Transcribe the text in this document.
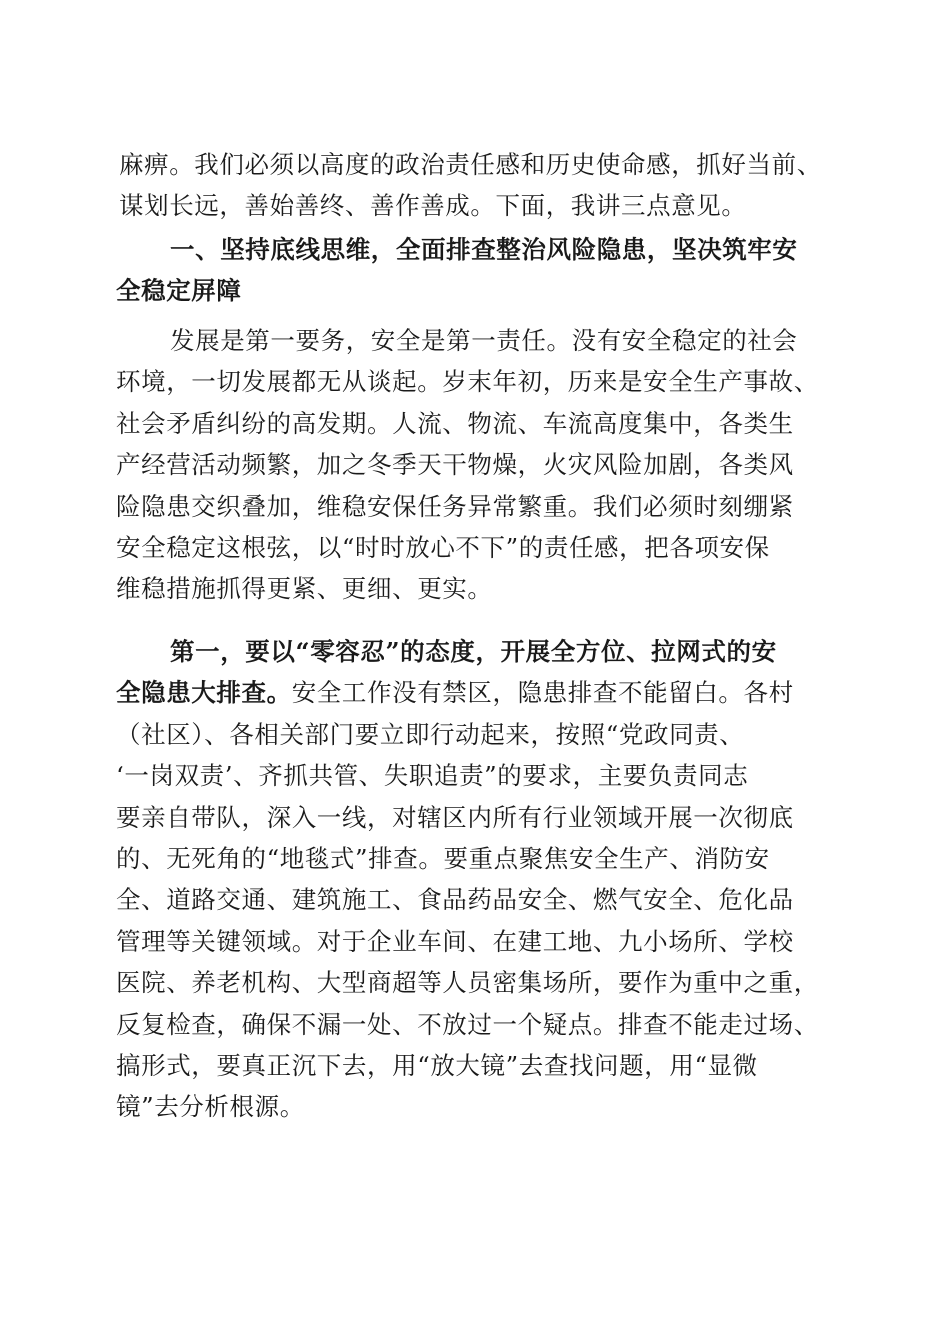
麻痹。我们必须以高度的政治责任感和历史使命感，抓好当前、
谋划长远，善始善终、善作善成。下面，我讲三点意见。
一、坚持底线思维，全面排查整治风险隐患，坚决筑牢安
全稳定屏障
发展是第一要务，安全是第一责任。没有安全稳定的社会
环境，一切发展都无从谈起。岁末年初，历来是安全生产事故、
社会矛盾纠纷的高发期。人流、物流、车流高度集中，各类生
产经营活动频繁，加之冬季天干物燥，火灾风险加剧，各类风
险隐患交织叠加，维稳安保任务异常繁重。我们必须时刻绷紧
安全稳定这根弦，以“时时放心不下”的责任感，把各项安保
维稳措施抓得更紧、更细、更实。
第一，要以“零容忍”的态度，开展全方位、拉网式的安
全隐患大排查。安全工作没有禁区，隐患排查不能留白。各村
（社区）、各相关部门要立即行动起来，按照“党政同责、
‘一岗双责’、齐抓共管、失职追责”的要求，主要负责同志
要亲自带队，深入一线，对辖区内所有行业领域开展一次彻底
的、无死角的“地毯式”排查。要重点聚焦安全生产、消防安
全、道路交通、建筑施工、食品药品安全、燃气安全、危化品
管理等关键领域。对于企业车间、在建工地、九小场所、学校
医院、养老机构、大型商超等人员密集场所，要作为重中之重，
反复检查，确保不漏一处、不放过一个疑点。排查不能走过场、
搞形式，要真正沉下去，用“放大镜”去查找问题，用“显微
镜”去分析根源。
